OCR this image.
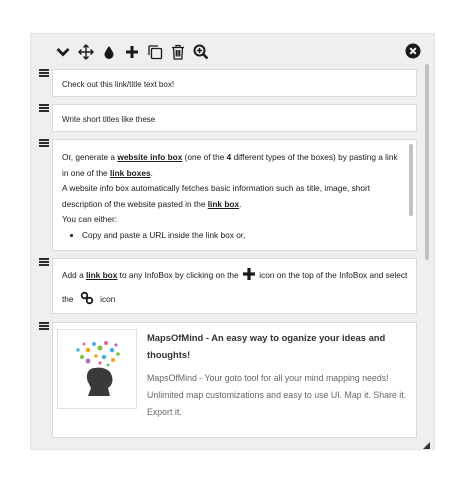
Check out this link/title text box!
Write short titles like these
Or, generate a website info box (one of the 4 different types of the boxes) by pasting a link in one of the link boxes.
A website info box automatically fetches basic information such as title, image, short description of the website pasted in the link box.
You can either:
• Copy and paste a URL inside the link box or,
Add a link box to any InfoBox by clicking on the  icon on the top of the InfoBox and select the	icon
MapsOfMind - An easy way to oganize your ideas and thoughts!
MapsOfMind - Your goto tool for all your mind mapping needs! Unlimited map customizations and easy to use UI. Map it. Share it. Export it.
